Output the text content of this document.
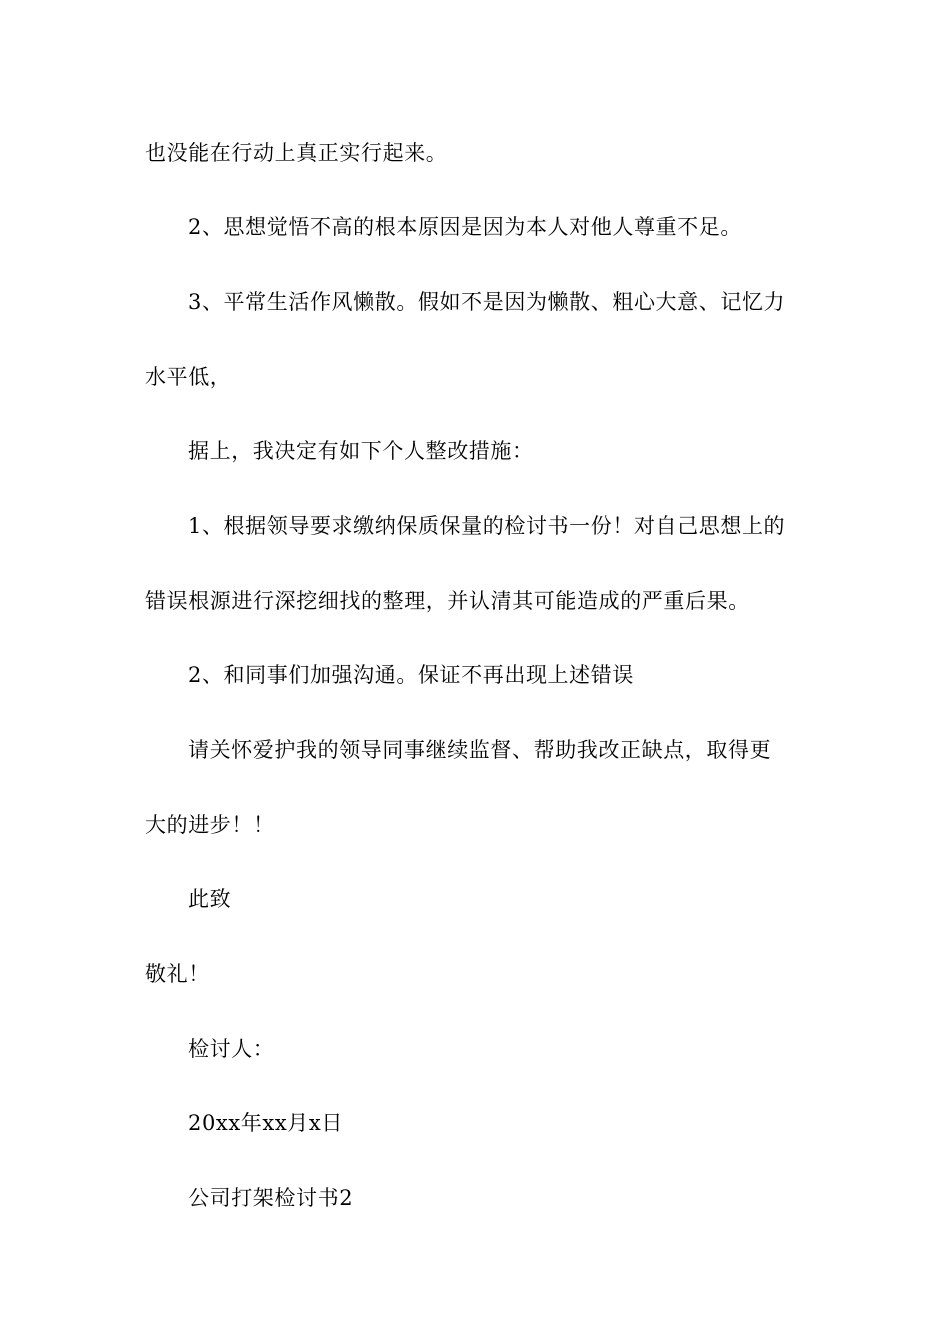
也没能在行动上真正实行起来。

2、思想觉悟不高的根本原因是因为本人对他人尊重不足。

3、平常生活作风懒散。假如不是因为懒散、粗心大意、记忆力

水平低，

据上，我决定有如下个人整改措施：

1、根据领导要求缴纳保质保量的检讨书一份！对自己思想上的

错误根源进行深挖细找的整理，并认清其可能造成的严重后果。

2、和同事们加强沟通。保证不再出现上述错误

请关怀爱护我的领导同事继续监督、帮助我改正缺点，取得更

大的进步！！

此致

敬礼！

检讨人：

20xx年xx月x日

公司打架检讨书2
